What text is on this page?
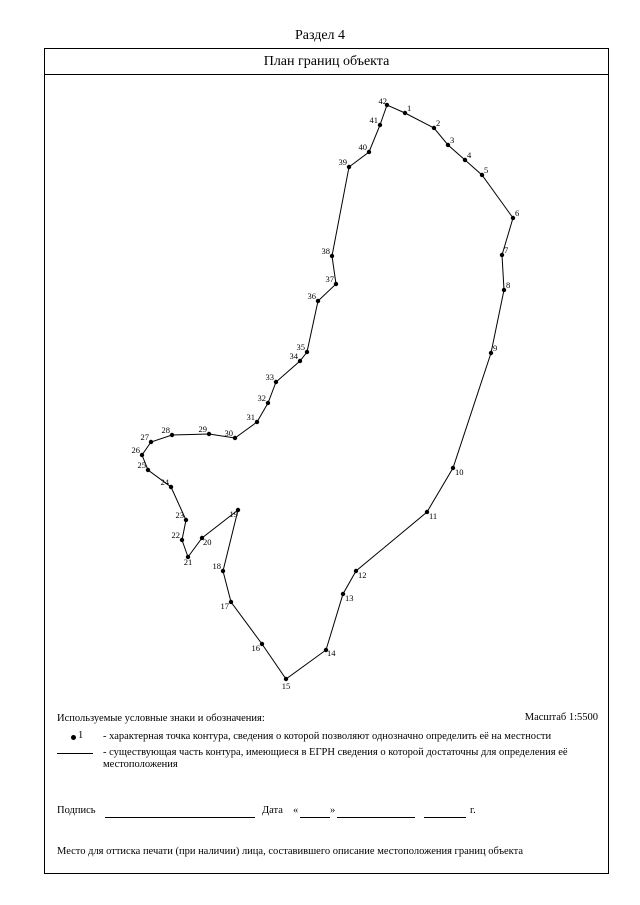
Раздел 4
1
2
3
4
5
6
7
8
9
10
11
12
13
14
15
16
17
18
19
20
21
22
23
24
25
26
27
28	29 30
31
32
33
34
35
36
37
38
39
40
41
42
План границ объекта
Используемые условные знаки и обозначения:	Масштаб 1:5500
1 - характерная точка контура, сведения о которой позволяют однозначно определить её на местности
- существующая часть контура, имеющиеся в ЕГРН сведения о которой достаточны для определения её местоположения
Подпись	Дата «	»	г.
Место для оттиска печати (при наличии) лица, составившего описание местоположения границ объекта
